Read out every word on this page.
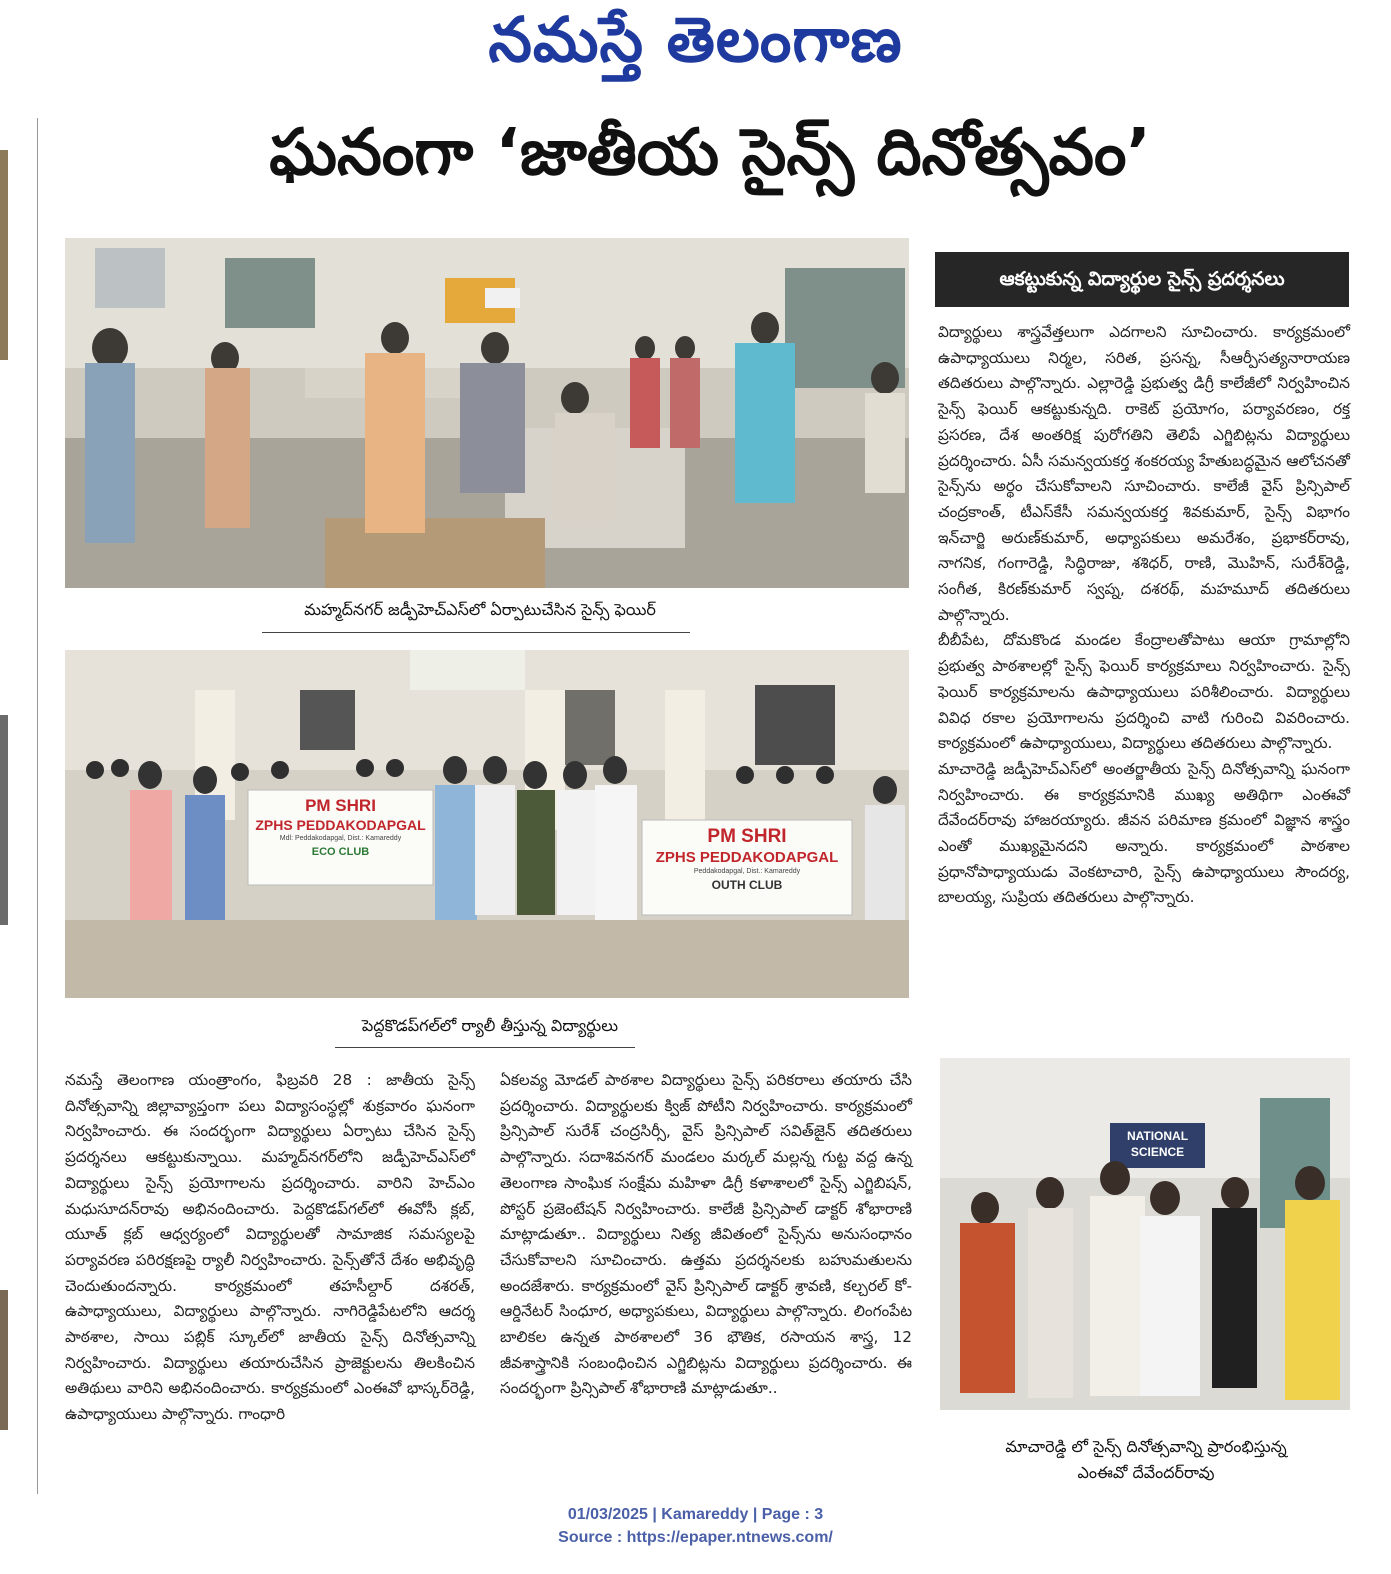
నమస్తే తెలంగాణ
ఘనంగా ‘జాతీయ సైన్స్ దినోత్సవం’
మహ్మద్‌నగర్ జడ్పీహెచ్‌ఎస్‌లో ఏర్పాటుచేసిన సైన్స్ ఫెయిర్
PM SHRI
ZPHS PEDDAKODAPGAL
Mdl: Peddakodapgal, Dist.: Kamareddy
ECO CLUB
PM SHRI
ZPHS PEDDAKODAPGAL
Peddakodapgal, Dist.: Kamareddy
OUTH CLUB
పెద్దకొడప్‌గల్‌లో ర్యాలీ తీస్తున్న విద్యార్థులు
ఆకట్టుకున్న విద్యార్థుల సైన్స్ ప్రదర్శనలు

విద్యార్థులు శాస్త్రవేత్తలుగా ఎదగాలని సూచించారు. కార్యక్రమంలో ఉపాధ్యాయులు నిర్మల, సరిత, ప్రసన్న, సీఆర్పీసత్యనారాయణ తదితరులు పాల్గొన్నారు. ఎల్లారెడ్డి ప్రభుత్వ డిగ్రీ కాలేజీలో నిర్వహించిన సైన్స్ ఫెయిర్ ఆకట్టుకున్నది. రాకెట్ ప్రయోగం, పర్యావరణం, రక్త ప్రసరణ, దేశ అంతరిక్ష పురోగతిని తెలిపే ఎగ్జిబిట్లను విద్యార్థులు ప్రదర్శించారు. ఏసీ సమన్వయకర్త శంకరయ్య హేతుబద్ధమైన ఆలోచనతో సైన్స్‌ను అర్థం చేసుకోవాలని సూచించారు. కాలేజీ వైస్ ప్రిన్సిపాల్ చంద్రకాంత్, టీఎస్‌కేసీ సమన్వయకర్త శివకుమార్, సైన్స్ విభాగం ఇన్‌చార్జి అరుణ్‌కుమార్, అధ్యాపకులు అమరేశం, ప్రభాకర్‌రావు, నాగనిక, గంగారెడ్డి, సిద్ధిరాజు, శశిధర్, రాణి, మొహిన్, సురేశ్‌రెడ్డి, సంగీత, కిరణ్‌కుమార్ స్వప్న, దశరథ్, మహమూద్ తదితరులు పాల్గొన్నారు.

బీబీపేట, దోమకొండ మండల కేంద్రాలతోపాటు ఆయా గ్రామాల్లోని ప్రభుత్వ పాఠశాలల్లో సైన్స్ ఫెయిర్ కార్యక్రమాలు నిర్వహించారు. సైన్స్ ఫెయిర్ కార్యక్రమాలను ఉపాధ్యాయులు పరిశీలించారు. విద్యార్థులు వివిధ రకాల ప్రయోగాలను ప్రదర్శించి వాటి గురించి వివరించారు. కార్యక్రమంలో ఉపాధ్యాయులు, విద్యార్థులు తదితరులు పాల్గొన్నారు.

మాచారెడ్డి జడ్పీహెచ్‌ఎస్‌లో అంతర్జాతీయ సైన్స్ దినోత్సవాన్ని ఘనంగా నిర్వహించారు. ఈ కార్యక్రమానికి ముఖ్య అతిథిగా ఎంఈవో దేవేందర్‌రావు హాజరయ్యారు. జీవన పరిమాణ క్రమంలో విజ్ఞాన శాస్త్రం ఎంతో ముఖ్యమైనదని అన్నారు. కార్యక్రమంలో పాఠశాల ప్రధానోపాధ్యాయుడు వెంకటాచారి, సైన్స్ ఉపాధ్యాయులు సౌందర్య, బాలయ్య, సుప్రియ తదితరులు పాల్గొన్నారు.

NATIONAL SCIENCE
మాచారెడ్డి లో సైన్స్ దినోత్సవాన్ని ప్రారంభిస్తున్న
ఎంఈవో దేవేందర్‌రావు
నమస్తే తెలంగాణ యంత్రాంగం, ఫిబ్రవరి 28 : జాతీయ సైన్స్ దినోత్సవాన్ని జిల్లావ్యాప్తంగా పలు విద్యాసంస్థల్లో శుక్రవారం ఘనంగా నిర్వహించారు. ఈ సందర్భంగా విద్యార్థులు ఏర్పాటు చేసిన సైన్స్ ప్రదర్శనలు ఆకట్టుకున్నాయి. మహ్మద్‌నగర్‌లోని జడ్పీహెచ్‌ఎస్‌లో విద్యార్థులు సైన్స్ ప్రయోగాలను ప్రదర్శించారు. వారిని హెచ్‌ఎం మధుసూదన్‌రావు అభినందించారు. పెద్దకొడప్‌గల్‌లో ఈవోసీ క్లబ్, యూత్ క్లబ్ ఆధ్వర్యంలో విద్యార్థులతో సామాజిక సమస్యలపై పర్యావరణ పరిరక్షణపై ర్యాలీ నిర్వహించారు. సైన్స్‌తోనే దేశం అభివృద్ధి చెందుతుందన్నారు. కార్యక్రమంలో తహసీల్దార్ దశరత్, ఉపాధ్యాయులు, విద్యార్థులు పాల్గొన్నారు. నాగిరెడ్డిపేటలోని ఆదర్శ పాఠశాల, సాయి పబ్లిక్ స్కూల్‌లో జాతీయ సైన్స్ దినోత్సవాన్ని నిర్వహించారు. విద్యార్థులు తయారుచేసిన ప్రాజెక్టులను తిలకించిన అతిథులు వారిని అభినందించారు. కార్యక్రమంలో ఎంఈవో భాస్కర్‌రెడ్డి, ఉపాధ్యాయులు పాల్గొన్నారు. గాంధారి
ఏకలవ్య మోడల్ పాఠశాల విద్యార్థులు సైన్స్ పరికరాలు తయారు చేసి ప్రదర్శించారు. విద్యార్థులకు క్విజ్ పోటీని నిర్వహించారు. కార్యక్రమంలో ప్రిన్సిపాల్ సురేశ్ చంద్రసిర్సీ, వైస్ ప్రిన్సిపాల్ సవిత్‌జైన్ తదితరులు పాల్గొన్నారు. సదాశివనగర్ మండలం మర్కల్ మల్లన్న గుట్ట వద్ద ఉన్న తెలంగాణ సాంఘిక సంక్షేమ మహిళా డిగ్రీ కళాశాలలో సైన్స్ ఎగ్జిబిషన్, పోస్టర్ ప్రజెంటేషన్ నిర్వహించారు. కాలేజీ ప్రిన్సిపాల్ డాక్టర్ శోభారాణి మాట్లాడుతూ.. విద్యార్థులు నిత్య జీవితంలో సైన్స్‌ను అనుసంధానం చేసుకోవాలని సూచించారు. ఉత్తమ ప్రదర్శనలకు బహుమతులను అందజేశారు. కార్యక్రమంలో వైస్ ప్రిన్సిపాల్ డాక్టర్ శ్రావణి, కల్చరల్ కో-ఆర్డినేటర్ సింధూర, అధ్యాపకులు, విద్యార్థులు పాల్గొన్నారు. లింగంపేట బాలికల ఉన్నత పాఠశాలలో 36 భౌతిక, రసాయన శాస్త్ర, 12 జీవశాస్త్రానికి సంబంధించిన ఎగ్జిబిట్లను విద్యార్థులు ప్రదర్శించారు. ఈ సందర్భంగా ప్రిన్సిపాల్ శోభారాణి మాట్లాడుతూ..
01/03/2025 | Kamareddy | Page : 3
Source : https://epaper.ntnews.com/
